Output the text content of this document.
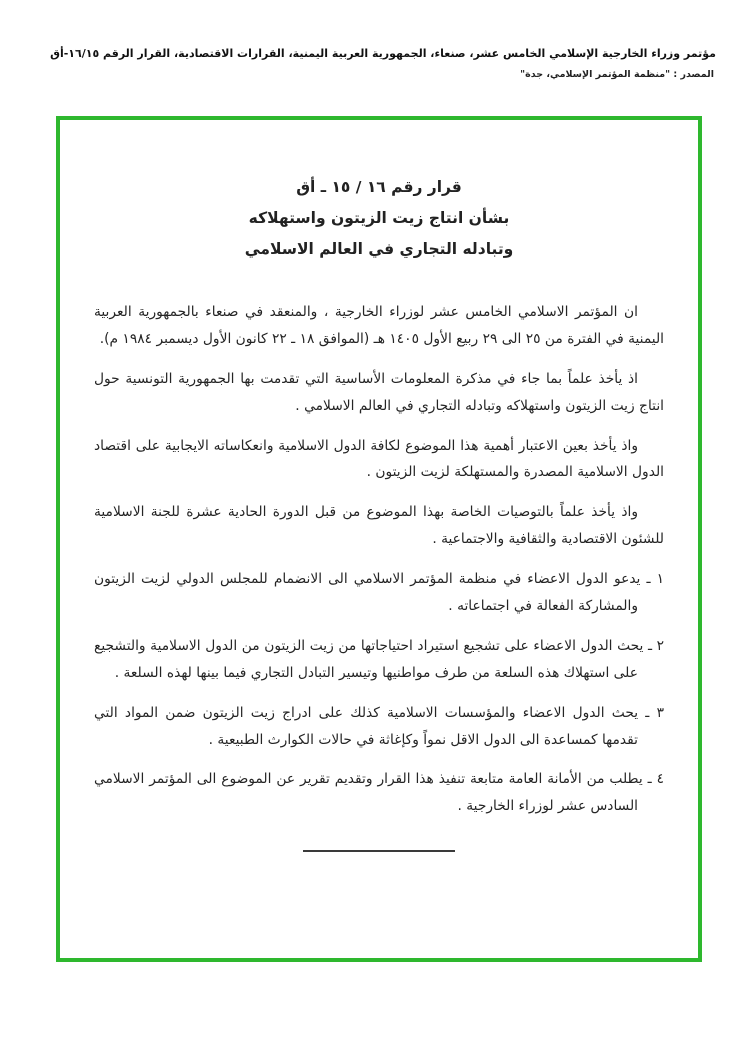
مؤتمر وزراء الخارجية الإسلامي الخامس عشر، صنعاء، الجمهورية العربية اليمنية، القرارات الاقتصادية، القرار الرقم ١٦/١٥-أق
المصدر : "منظمة المؤتمر الإسلامي، جدة"
قرار رقم ١٦ / ١٥ ـ أق
بشأن انتاج زيت الزيتون واستهلاكه
وتبادله التجاري في العالم الاسلامي

ان المؤتمر الاسلامي الخامس عشر لوزراء الخارجية ، والمنعقد في صنعاء بالجمهورية العربية اليمنية في الفترة من ٢٥ الى ٢٩ ربيع الأول ١٤٠٥ هـ (الموافق ١٨ ـ ٢٢ كانون الأول ديسمبر ١٩٨٤ م).

اذ يأخذ علماً بما جاء في مذكرة المعلومات الأساسية التي تقدمت بها الجمهورية التونسية حول انتاج زيت الزيتون واستهلاكه وتبادله التجاري في العالم الاسلامي .

واذ يأخذ بعين الاعتبار أهمية هذا الموضوع لكافة الدول الاسلامية وانعكاساته الايجابية على اقتصاد الدول الاسلامية المصدرة والمستهلكة لزيت الزيتون .

واذ يأخذ علماً بالتوصيات الخاصة بهذا الموضوع من قبل الدورة الحادية عشرة للجنة الاسلامية للشئون الاقتصادية والثقافية والاجتماعية .

١ ـ يدعو الدول الاعضاء في منظمة المؤتمر الاسلامي الى الانضمام للمجلس الدولي لزيت الزيتون والمشاركة الفعالة في اجتماعاته .

٢ ـ يحث الدول الاعضاء على تشجيع استيراد احتياجاتها من زيت الزيتون من الدول الاسلامية والتشجيع على استهلاك هذه السلعة من طرف مواطنيها وتيسير التبادل التجاري فيما بينها لهذه السلعة .

٣ ـ يحث الدول الاعضاء والمؤسسات الاسلامية كذلك على ادراج زيت الزيتون ضمن المواد التي تقدمها كمساعدة الى الدول الاقل نمواً وكإغاثة في حالات الكوارث الطبيعية .

٤ ـ يطلب من الأمانة العامة متابعة تنفيذ هذا القرار وتقديم تقرير عن الموضوع الى المؤتمر الاسلامي السادس عشر لوزراء الخارجية .
